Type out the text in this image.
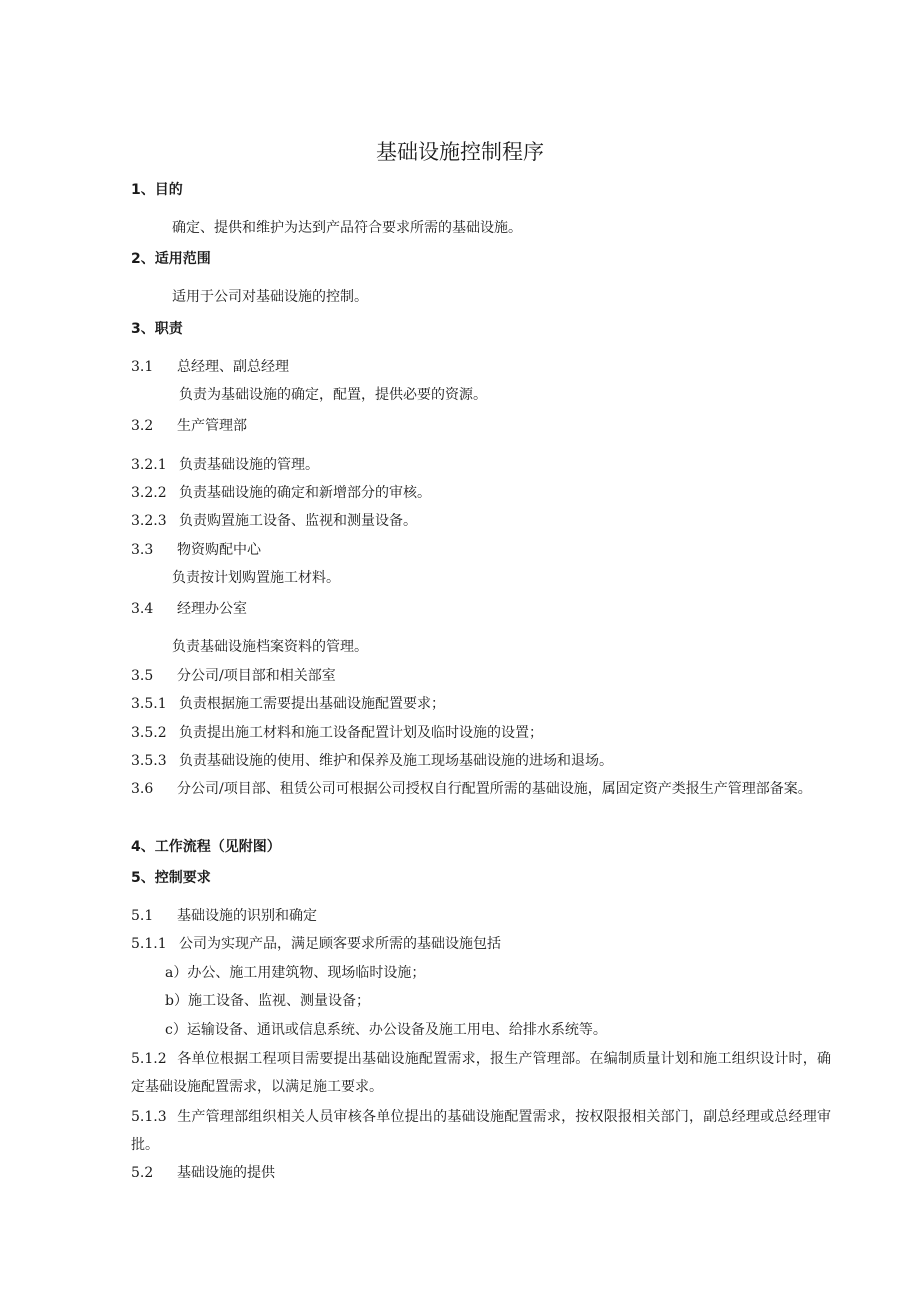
基础设施控制程序
1、目的
确定、提供和维护为达到产品符合要求所需的基础设施。
2、适用范围
适用于公司对基础设施的控制。
3、职责
3.1 总经理、副总经理
负责为基础设施的确定，配置，提供必要的资源。
3.2 生产管理部
3.2.1 负责基础设施的管理。
3.2.2 负责基础设施的确定和新增部分的审核。
3.2.3 负责购置施工设备、监视和测量设备。
3.3 物资购配中心
负责按计划购置施工材料。
3.4 经理办公室
负责基础设施档案资料的管理。
3.5 分公司/项目部和相关部室
3.5.1 负责根据施工需要提出基础设施配置要求；
3.5.2 负责提出施工材料和施工设备配置计划及临时设施的设置；
3.5.3 负责基础设施的使用、维护和保养及施工现场基础设施的进场和退场。
3.6 分公司/项目部、租赁公司可根据公司授权自行配置所需的基础设施，属固定资产类报生产管理部备案。
4、工作流程（见附图）
5、控制要求
5.1 基础设施的识别和确定
5.1.1 公司为实现产品，满足顾客要求所需的基础设施包括
a）办公、施工用建筑物、现场临时设施；
b）施工设备、监视、测量设备；
c）运输设备、通讯或信息系统、办公设备及施工用电、给排水系统等。
5.1.2 各单位根据工程项目需要提出基础设施配置需求，报生产管理部。在编制质量计划和施工组织设计时，确定基础设施配置需求，以满足施工要求。
5.1.3 生产管理部组织相关人员审核各单位提出的基础设施配置需求，按权限报相关部门，副总经理或总经理审批。
5.2 基础设施的提供
